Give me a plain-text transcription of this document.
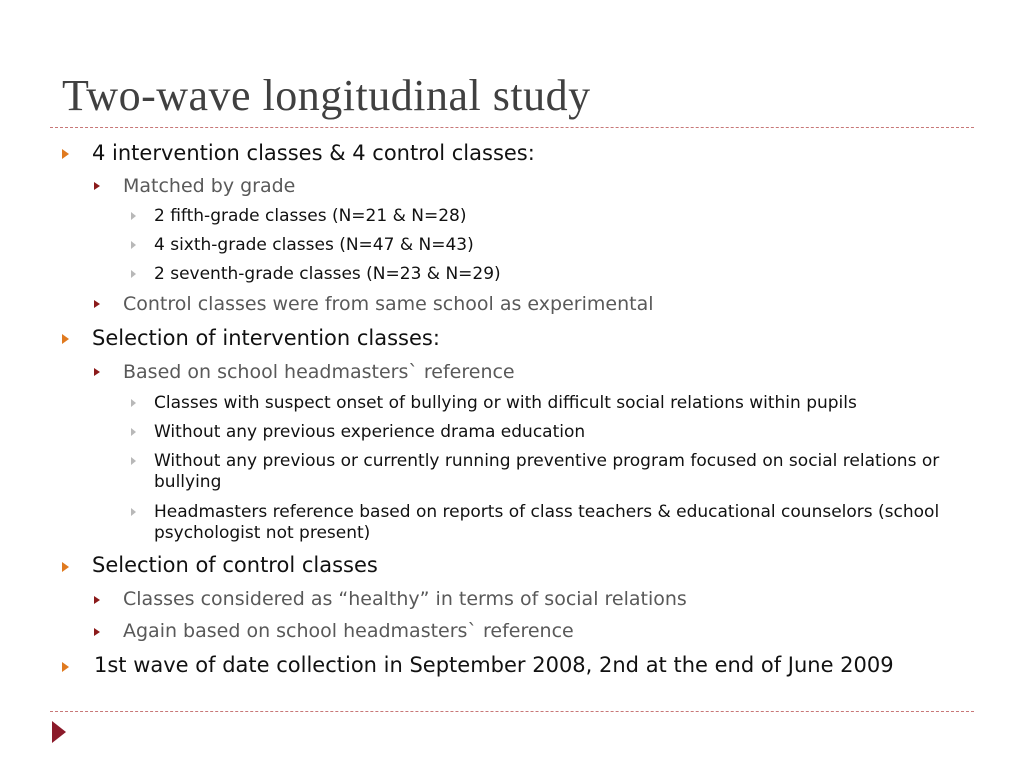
Two-wave longitudinal study
4 intervention classes & 4 control classes:
Matched by grade
2 fifth-grade classes (N=21 & N=28)
4 sixth-grade classes (N=47 & N=43)
2 seventh-grade classes (N=23 & N=29)
Control classes were from same school as experimental
Selection of intervention classes:
Based on school headmasters` reference
Classes with suspect onset of bullying or with difficult social relations within pupils
Without any previous experience drama education
Without any previous or currently running preventive program focused on social relations or bullying
Headmasters reference based on reports of class teachers & educational counselors (school psychologist not present)
Selection of control classes
Classes considered as “healthy” in terms of social relations
Again based on school headmasters` reference
1st wave of date collection in September 2008, 2nd at the end of June 2009
